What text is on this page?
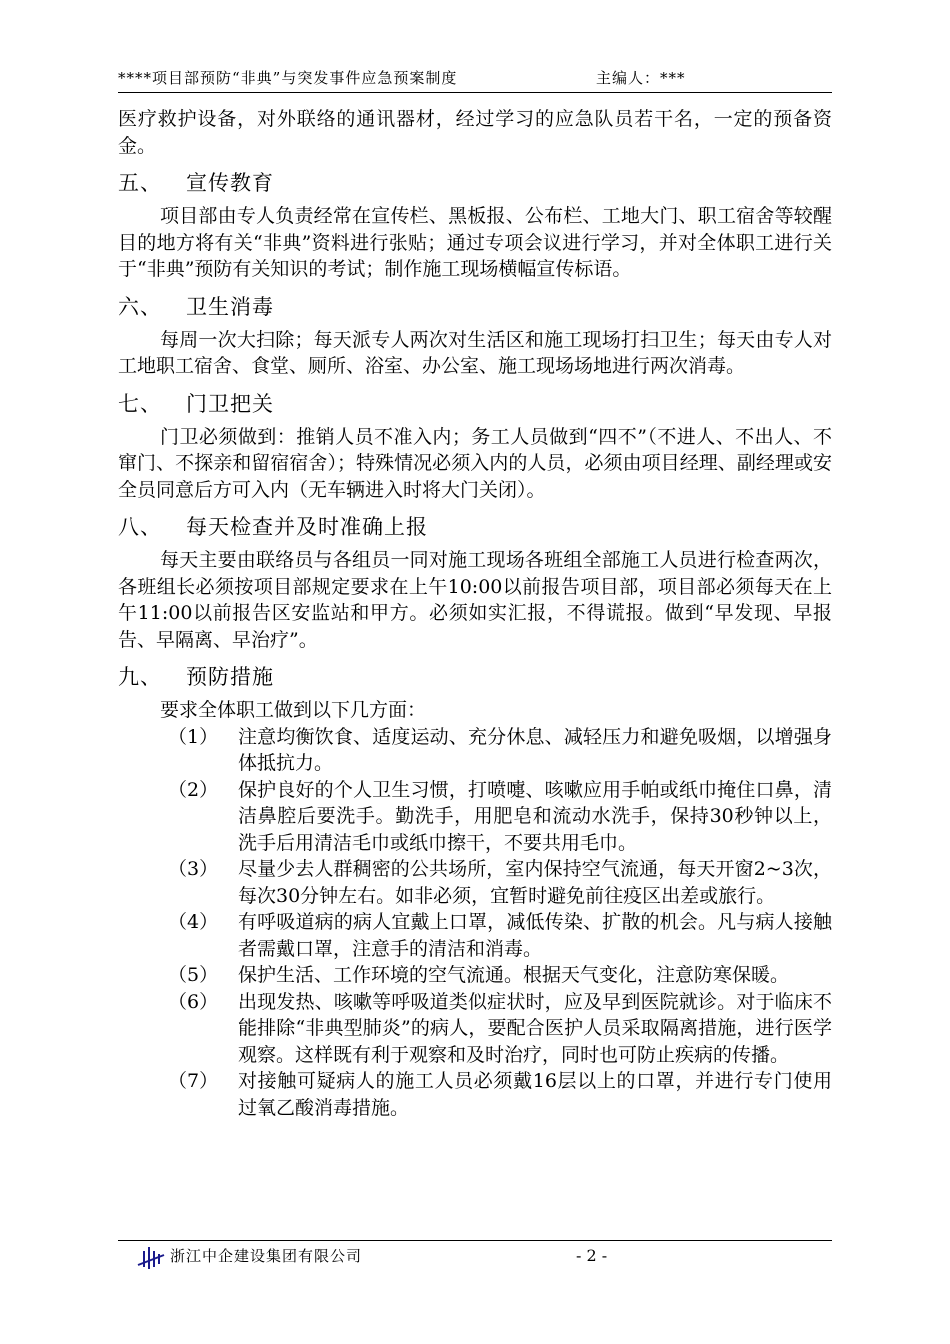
****项目部预防“非典”与突发事件应急预案制度	主编人：***

医疗救护设备，对外联络的通讯器材，经过学习的应急队员若干名，一定的预备资金。

五、 宣传教育

项目部由专人负责经常在宣传栏、黑板报、公布栏、工地大门、职工宿舍等较醒目的地方将有关“非典”资料进行张贴；通过专项会议进行学习，并对全体职工进行关于“非典”预防有关知识的考试；制作施工现场横幅宣传标语。

六、 卫生消毒

每周一次大扫除；每天派专人两次对生活区和施工现场打扫卫生；每天由专人对工地职工宿舍、食堂、厕所、浴室、办公室、施工现场场地进行两次消毒。

七、 门卫把关

门卫必须做到：推销人员不准入内；务工人员做到“四不”（不进人、不出人、不窜门、不探亲和留宿宿舍）；特殊情况必须入内的人员，必须由项目经理、副经理或安全员同意后方可入内（无车辆进入时将大门关闭）。

八、 每天检查并及时准确上报

每天主要由联络员与各组员一同对施工现场各班组全部施工人员进行检查两次，各班组长必须按项目部规定要求在上午10:00以前报告项目部，项目部必须每天在上午11:00以前报告区安监站和甲方。必须如实汇报，不得谎报。做到“早发现、早报告、早隔离、早治疗”。

九、 预防措施

要求全体职工做到以下几方面：

（1）	注意均衡饮食、适度运动、充分休息、减轻压力和避免吸烟，以增强身体抵抗力。
（2）	保护良好的个人卫生习惯，打喷嚏、咳嗽应用手帕或纸巾掩住口鼻，清洁鼻腔后要洗手。勤洗手，用肥皂和流动水洗手，保持30秒钟以上，洗手后用清洁毛巾或纸巾擦干，不要共用毛巾。
（3）	尽量少去人群稠密的公共场所，室内保持空气流通，每天开窗2~3次，每次30分钟左右。如非必须，宜暂时避免前往疫区出差或旅行。
（4）	有呼吸道病的病人宜戴上口罩，减低传染、扩散的机会。凡与病人接触者需戴口罩，注意手的清洁和消毒。
（5）	保护生活、工作环境的空气流通。根据天气变化，注意防寒保暖。
（6）	出现发热、咳嗽等呼吸道类似症状时，应及早到医院就诊。对于临床不能排除“非典型肺炎”的病人，要配合医护人员采取隔离措施，进行医学观察。这样既有利于观察和及时治疗，同时也可防止疾病的传播。
（7）	对接触可疑病人的施工人员必须戴16层以上的口罩，并进行专门使用过氧乙酸消毒措施。
浙江中企建设集团有限公司	- 2 -
